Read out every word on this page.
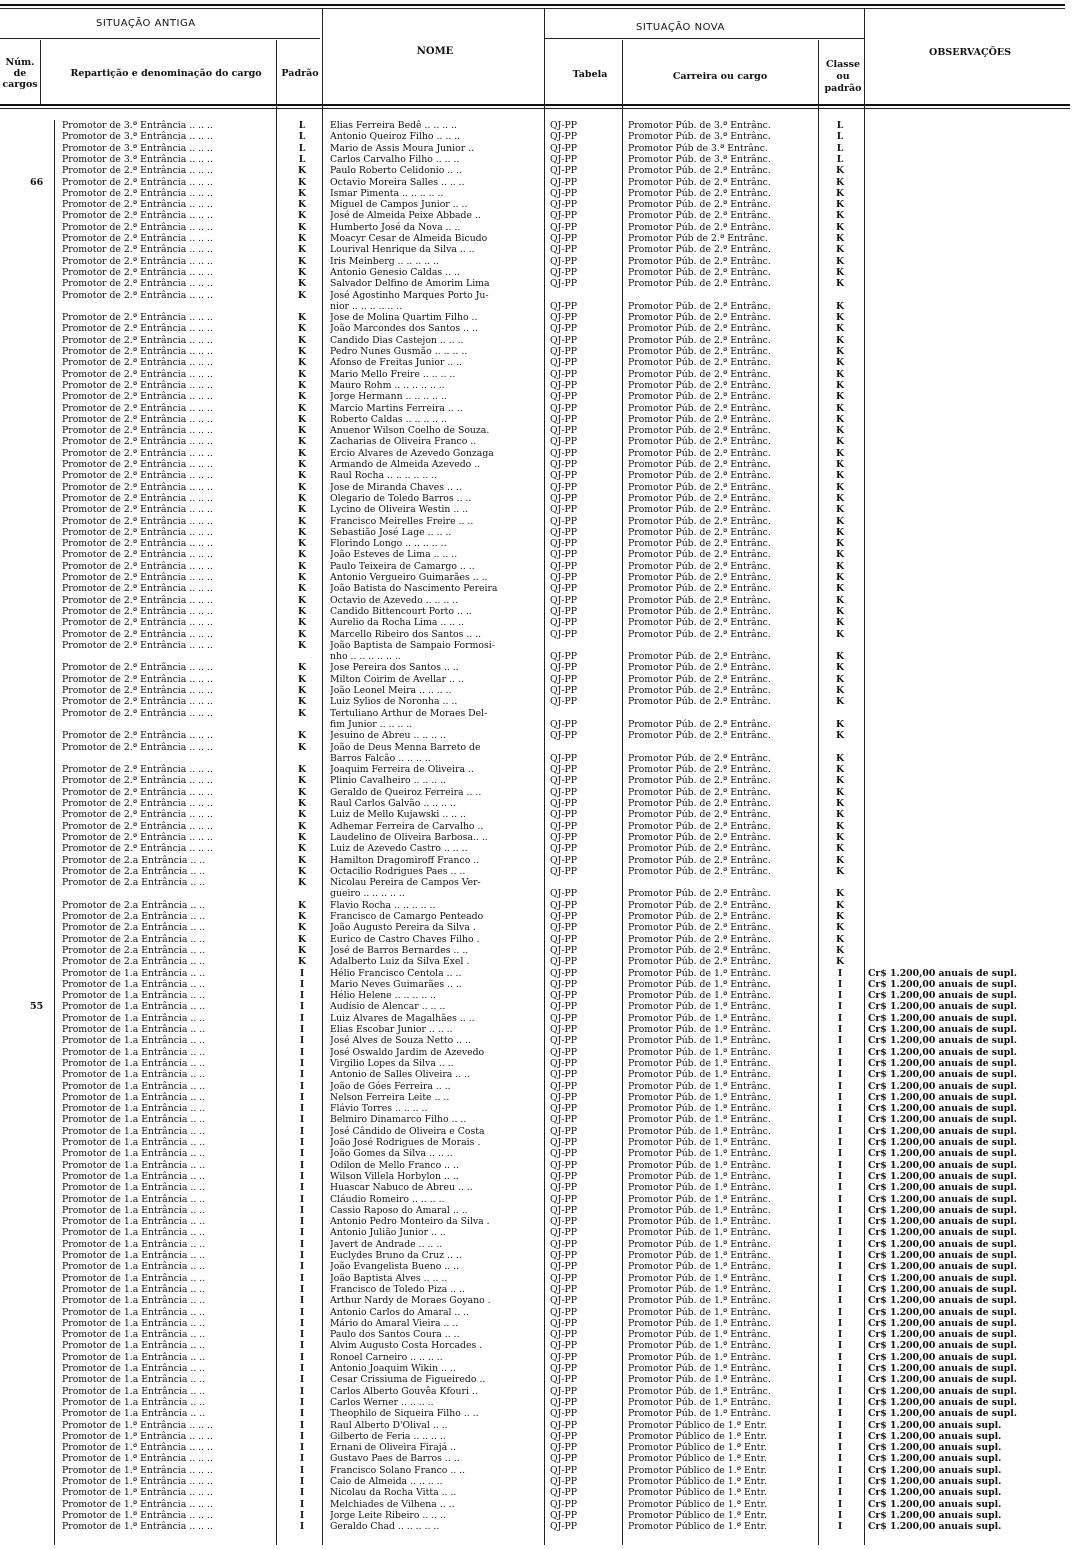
SITUAÇÃO ANTIGA	SITUAÇÃO NOVA
Núm.
de
cargos
Repartição e denominação do cargo	Padrão
NOME
Tabela	Carreira ou cargo
Classe
ou
padrão
OBSERVAÇÕES
66
55
Promotor de 3.ª Entrância .. .. ..	L	Elias Ferreira Bedê .. .. .. ..	QJ-PP	Promotor Púb. de 3.ª Entrânc.	L
Promotor de 3.ª Entrância .. .. ..	L	Antonio Queiroz Filho .. .. ..	QJ-PP	Promotor Púb. de 3.ª Entrânc.	L
Promotor de 3.ª Entrância .. .. ..	L	Mario de Assis Moura Junior ..	QJ-PP	Promotor Púb de 3.ª Entrânc.	L
Promotor de 3.ª Entrância .. .. ..	L	Carlos Carvalho Filho .. .. ..	QJ-PP	Promotor Púb. de 3.ª Entrânc.	L
Promotor de 2.ª Entrância .. .. ..	K	Paulo Roberto Celidonio .. ..	QJ-PP	Promotor Púb. de 2.ª Entrânc.	K
Promotor de 2.ª Entrância .. .. ..	K	Octavio Moreira Salles .. .. ..	QJ-PP	Promotor Púb. de 2.ª Entrânc.	K
Promotor de 2.ª Entrância .. .. ..	K	Ismar Pimenta .. .. .. .. ..	QJ-PP	Promotor Púb. de 2.ª Entrânc.	K
Promotor de 2.ª Entrância .. .. ..	K	Miguel de Campos Junior .. ..	QJ-PP	Promotor Púb. de 2.ª Entrânc.	K
Promotor de 2.ª Entrância .. .. ..	K	José de Almeida Peixe Abbade ..	QJ-PP	Promotor Púb. de 2.ª Entrânc.	K
Promotor de 2.ª Entrância .. .. ..	K	Humberto José da Nova .. ..	QJ-PP	Promotor Púb. de 2.ª Entrânc.	K
Promotor de 2.ª Entrância .. .. ..	K	Moacyr Cesar de Almeida Bicudo	QJ-PP	Promotor Púb de 2.ª Entrânc.	K
Promotor de 2.ª Entrância .. .. ..	K	Lourival Henrique da Silva .. ..	QJ-PP	Promotor Púb. de 2.ª Entrânc.	K
Promotor de 2.ª Entrância .. .. ..	K	Iris Meinberg .. .. .. .. ..	QJ-PP	Promotor Púb. de 2.ª Entrânc.	K
Promotor de 2.ª Entrância .. .. ..	K	Antonio Genesio Caldas .. ..	QJ-PP	Promotor Púb. de 2.ª Entrânc.	K
Promotor de 2.ª Entrância .. .. ..	K	Salvador Delfino de Amorim Lima	QJ-PP	Promotor Púb. de 2.ª Entrânc.	K
Promotor de 2.ª Entrância .. .. ..	K	José Agostinho Marques Porto Ju-
nior .. .. .. .. .. ..	QJ-PP	Promotor Púb. de 2.ª Entrânc.	K
Promotor de 2.ª Entrância .. .. ..	K	Jose de Molina Quartim Filho ..	QJ-PP	Promotor Púb. de 2.ª Entrânc.	K
Promotor de 2.ª Entrância .. .. ..	K	João Marcondes dos Santos .. ..	QJ-PP	Promotor Púb. de 2.ª Entrânc.	K
Promotor de 2.ª Entrância .. .. ..	K	Candido Dias Castejon .. .. ..	QJ-PP	Promotor Púb. de 2.ª Entrânc.	K
Promotor de 2.ª Entrância .. .. ..	K	Pedro Nunes Gusmão .. .. .. ..	QJ-PP	Promotor Púb. de 2.ª Entrânc.	K
Promotor de 2.ª Entrância .. .. ..	K	Afonso de Freitas Junior .. ..	QJ-PP	Promotor Púb. de 2.ª Entrânc.	K
Promotor de 2.ª Entrância .. .. ..	K	Mario Mello Freire .. .. .. ..	QJ-PP	Promotor Púb. de 2.ª Entrânc.	K
Promotor de 2.ª Entrância .. .. ..	K	Mauro Rohm .. .. .. .. .. ..	QJ-PP	Promotor Púb. de 2.ª Entrânc.	K
Promotor de 2.ª Entrância .. .. ..	K	Jorge Hermann .. .. .. .. ..	QJ-PP	Promotor Púb. de 2.ª Entrânc.	K
Promotor de 2.ª Entrância .. .. ..	K	Marcio Martins Ferreira .. ..	QJ-PP	Promotor Púb. de 2.ª Entrânc.	K
Promotor de 2.ª Entrância .. .. ..	K	Roberto Caldas .. .. .. .. ..	QJ-PP	Promotor Púb. de 2.ª Entrânc.	K
Promotor de 2.ª Entrância .. .. ..	K	Anuenor Wilson Coelho de Souza.	QJ-PP	Promotor Púb. de 2.ª Entrânc.	K
Promotor de 2.ª Entrância .. .. ..	K	Zacharias de Oliveira Franco ..	QJ-PP	Promotor Púb. de 2.ª Entrânc.	K
Promotor de 2.ª Entrância .. .. ..	K	Ercio Alvares de Azevedo Gonzaga	QJ-PP	Promotor Púb. de 2.ª Entrânc.	K
Promotor de 2.ª Entrância .. .. ..	K	Armando de Almeida Azevedo ..	QJ-PP	Promotor Púb. de 2.ª Entrânc.	K
Promotor de 2.ª Entrância .. .. ..	K	Raul Rocha .. .. .. .. .. ..	QJ-PP	Promotor Púb. de 2.ª Entrânc.	K
Promotor de 2.ª Entrância .. .. ..	K	Jose de Miranda Chaves .. ..	QJ-PP	Promotor Púb. de 2.ª Entrânc.	K
Promotor de 2.ª Entrância .. .. ..	K	Olegario de Toledo Barros .. ..	QJ-PP	Promotor Púb. de 2.ª Entrânc.	K
Promotor de 2.ª Entrância .. .. ..	K	Lycino de Oliveira Westin .. ..	QJ-PP	Promotor Púb. de 2.ª Entrânc.	K
Promotor de 2.ª Entrância .. .. ..	K	Francisco Meirelles Freire .. ..	QJ-PP	Promotor Púb. de 2.ª Entrânc.	K
Promotor de 2.ª Entrância .. .. ..	K	Sebastião José Lage .. .. ..	QJ-PP	Promotor Púb. de 2.ª Entrânc.	K
Promotor de 2.ª Entrância .. .. ..	K	Florindo Longo .. .. .. .. ..	QJ-PP	Promotor Púb. de 2.ª Entrânc.	K
Promotor de 2.ª Entrância .. .. ..	K	João Esteves de Lima .. .. ..	QJ-PP	Promotor Púb. de 2.ª Entrânc.	K
Promotor de 2.ª Entrância .. .. ..	K	Paulo Teixeira de Camargo .. ..	QJ-PP	Promotor Púb. de 2.ª Entrânc.	K
Promotor de 2.ª Entrância .. .. ..	K	Antonio Vergueiro Guimarães .. ..	QJ-PP	Promotor Púb. de 2.ª Entrânc.	K
Promotor de 2.ª Entrância .. .. ..	K	João Batista do Nascimento Pereira	QJ-PP	Promotor Púb. de 2.ª Entrânc.	K
Promotor de 2.ª Entrância .. .. ..	K	Octavio de Azevedo .. .. .. ..	QJ-PP	Promotor Púb. de 2.ª Entrânc.	K
Promotor de 2.ª Entrância .. .. ..	K	Candido Bittencourt Porto .. ..	QJ-PP	Promotor Púb. de 2.ª Entrânc.	K
Promotor de 2.ª Entrância .. .. ..	K	Aurelio da Rocha Lima .. .. ..	QJ-PP	Promotor Púb. de 2.ª Entrânc.	K
Promotor de 2.ª Entrância .. .. ..	K	Marcello Ribeiro dos Santos .. ..	QJ-PP	Promotor Púb. de 2.ª Entrânc.	K
Promotor de 2.ª Entrância .. .. ..	K	João Baptista de Sampaio Formosi-
nho .. .. .. .. .. ..	QJ-PP	Promotor Púb. de 2.ª Entrânc.	K
Promotor de 2.ª Entrância .. .. ..	K	Jose Pereira dos Santos .. ..	QJ-PP	Promotor Púb. de 2.ª Entrânc.	K
Promotor de 2.ª Entrância .. .. ..	K	Milton Coirim de Avellar .. ..	QJ-PP	Promotor Púb. de 2.ª Entrânc.	K
Promotor de 2.ª Entrância .. .. ..	K	João Leonel Meira .. .. .. ..	QJ-PP	Promotor Púb. de 2.ª Entrânc.	K
Promotor de 2.ª Entrância .. .. ..	K	Luiz Sylios de Noronha .. ..	QJ-PP	Promotor Púb. de 2.ª Entrânc.	K
Promotor de 2.ª Entrância .. .. ..	K	Tertuliano Arthur de Moraes Del-
fim Junior .. .. .. ..	QJ-PP	Promotor Púb. de 2.ª Entrânc.	K
Promotor de 2.ª Entrância .. .. ..	K	Jesuino de Abreu .. .. .. ..	QJ-PP	Promotor Púb. de 2.ª Entrânc.	K
Promotor de 2.ª Entrância .. .. ..	K	João de Deus Menna Barreto de
Barros Falcão .. .. .. ..	QJ-PP	Promotor Púb. de 2.ª Entrânc.	K
Promotor de 2.ª Entrância .. .. ..	K	Joaquim Ferreira de Oliveira ..	QJ-PP	Promotor Púb. de 2.ª Entrânc.	K
Promotor de 2.ª Entrância .. .. ..	K	Plinio Cavalheiro .. .. .. ..	QJ-PP	Promotor Púb. de 2.ª Entrânc.	K
Promotor de 2.ª Entrância .. .. ..	K	Geraldo de Queiroz Ferreira .. ..	QJ-PP	Promotor Púb. de 2.ª Entrânc.	K
Promotor de 2.ª Entrância .. .. ..	K	Raul Carlos Galvão .. .. .. ..	QJ-PP	Promotor Púb. de 2.ª Entrânc.	K
Promotor de 2.ª Entrância .. .. ..	K	Luiz de Mello Kujawski .. .. ..	QJ-PP	Promotor Púb. de 2.ª Entrânc.	K
Promotor de 2.ª Entrância .. .. ..	K	Adhemar Ferreira de Carvalho ..	QJ-PP	Promotor Púb. de 2.ª Entrânc.	K
Promotor de 2.ª Entrância .. .. ..	K	Laudelino de Oliveira Barbosa.. ..	QJ-PP	Promotor Púb. de 2.ª Entrânc.	K
Promotor de 2.ª Entrância .. .. ..	K	Luiz de Azevedo Castro .. .. ..	QJ-PP	Promotor Púb. de 2.ª Entrânc.	K
Promotor de 2.a Entrância .. ..	K	Hamilton Dragomiroff Franco ..	QJ-PP	Promotor Púb. de 2.ª Entrânc.	K
Promotor de 2.a Entrância .. ..	K	Octacilio Rodrigues Paes .. ..	QJ-PP	Promotor Púb. de 2.ª Entrânc.	K
Promotor de 2.a Entrância .. ..	K	Nicolau Pereira de Campos Ver-
gueiro .. .. .. .. ..	QJ-PP	Promotor Púb. de 2.ª Entrânc.	K
Promotor de 2.a Entrância .. ..	K	Flavio Rocha .. .. .. .. ..	QJ-PP	Promotor Púb. de 2.ª Entrânc.	K
Promotor de 2.a Entrância .. ..	K	Francisco de Camargo Penteado	QJ-PP	Promotor Púb. de 2.ª Entrânc.	K
Promotor de 2.a Entrância .. ..	K	João Augusto Pereira da Silva .	QJ-PP	Promotor Púb. de 2.ª Entrânc.	K
Promotor de 2.a Entrância .. ..	K	Eurico de Castro Chaves Filho .	QJ-PP	Promotor Púb. de 2.ª Entrânc.	K
Promotor de 2.a Entrância .. ..	K	José de Barros Bernardes .. ..	QJ-PP	Promotor Púb. de 2.ª Entrânc.	K
Promotor de 2.a Entrância .. ..	K	Adalberto Luiz da Silva Exel .	QJ-PP	Promotor Púb. de 2.ª Entrânc.	K
Promotor de 1.a Entrância .. ..	I	Hélio Francisco Centola .. ..	QJ-PP	Promotor Púb. de 1.ª Entrânc.	I	Cr$ 1.200,00 anuais de supl.
Promotor de 1.a Entrância .. ..	I	Mario Neves Guimarães .. ..	QJ-PP	Promotor Púb. de 1.ª Entrânc.	I	Cr$ 1.200,00 anuais de supl.
Promotor de 1.a Entrância .. ..	I	Hélio Helene .. .. .. .. ..	QJ-PP	Promotor Púb. de 1.ª Entrânc.	I	Cr$ 1.200,00 anuais de supl.
Promotor de 1.a Entrância .. ..	I	Audísio de Alencar .. .. ..	QJ-PP	Promotor Púb. de 1.ª Entrânc.	I	Cr$ 1.200,00 anuais de supl.
Promotor de 1.a Entrância .. ..	I	Luiz Alvares de Magalhães .. ..	QJ-PP	Promotor Púb. de 1.ª Entrânc.	I	Cr$ 1.200,00 anuais de supl.
Promotor de 1.a Entrância .. ..	I	Elias Escobar Junior .. .. ..	QJ-PP	Promotor Púb. de 1.ª Entrânc.	I	Cr$ 1.200,00 anuais de supl.
Promotor de 1.a Entrância .. ..	I	José Alves de Souza Netto .. ..	QJ-PP	Promotor Púb. de 1.ª Entrânc.	I	Cr$ 1.200,00 anuais de supl.
Promotor de 1.a Entrância .. ..	I	José Oswaldo Jardim de Azevedo	QJ-PP	Promotor Púb. de 1.ª Entrânc.	I	Cr$ 1.200,00 anuais de supl.
Promotor de 1.a Entrância .. ..	I	Virgilio Lopes da Silva .. ..	QJ-PP	Promotor Púb. de 1.ª Entrânc.	I	Cr$ 1.200,00 anuais de supl.
Promotor de 1.a Entrância .. ..	I	Antonio de Salles Oliveira .. ..	QJ-PP	Promotor Púb. de 1.ª Entrânc.	I	Cr$ 1.200,00 anuais de supl.
Promotor de 1.a Entrância .. ..	I	João de Góes Ferreira .. ..	QJ-PP	Promotor Púb. de 1.ª Entrânc.	I	Cr$ 1.200,00 anuais de supl.
Promotor de 1.a Entrância .. ..	I	Nelson Ferreira Leite .. ..	QJ-PP	Promotor Púb. de 1.ª Entrânc.	I	Cr$ 1.200,00 anuais de supl.
Promotor de 1.a Entrância .. ..	I	Flávio Torres .. .. .. ..	QJ-PP	Promotor Púb. de 1.ª Entrânc.	I	Cr$ 1.200,00 anuais de supl.
Promotor de 1.a Entrância .. ..	I	Belmiro Dinamarco Filho .. ..	QJ-PP	Promotor Púb. de 1.ª Entrânc.	I	Cr$ 1.200,00 anuais de supl.
Promotor de 1.a Entrância .. ..	I	José Cândido de Oliveira e Costa	QJ-PP	Promotor Púb. de 1.ª Entrânc.	I	Cr$ 1.200,00 anuais de supl.
Promotor de 1.a Entrância .. ..	I	João José Rodrigues de Morais .	QJ-PP	Promotor Púb. de 1.ª Entrânc.	I	Cr$ 1.200,00 anuais de supl.
Promotor de 1.a Entrância .. ..	I	João Gomes da Silva .. .. ..	QJ-PP	Promotor Púb. de 1.ª Entrânc.	I	Cr$ 1.200,00 anuais de supl.
Promotor de 1.a Entrância .. ..	I	Odilon de Mello Franco .. ..	QJ-PP	Promotor Púb. de 1.ª Entrânc.	I	Cr$ 1.200,00 anuais de supl.
Promotor de 1.a Entrância .. ..	I	Wilson Villela Horbylon .. ..	QJ-PP	Promotor Púb. de 1.ª Entrânc.	I	Cr$ 1.200,00 anuais de supl.
Promotor de 1.a Entrância .. ..	I	Huascar Nabuco de Abreu .. ..	QJ-PP	Promotor Púb. de 1.ª Entrânc.	I	Cr$ 1.200,00 anuais de supl.
Promotor de 1.a Entrância .. ..	I	Cláudio Romeiro .. .. .. ..	QJ-PP	Promotor Púb. de 1.ª Entrânc.	I	Cr$ 1.200,00 anuais de supl.
Promotor de 1.a Entrância .. ..	I	Cassio Raposo do Amaral .. ..	QJ-PP	Promotor Púb. de 1.ª Entrânc.	I	Cr$ 1.200,00 anuais de supl.
Promotor de 1.a Entrância .. ..	I	Antonio Pedro Monteiro da Silva .	QJ-PP	Promotor Púb. de 1.ª Entrânc.	I	Cr$ 1.200,00 anuais de supl.
Promotor de 1.a Entrância .. ..	I	Antonio Julião Junior .. ..	QJ-PP	Promotor Púb. de 1.ª Entrânc.	I	Cr$ 1.200,00 anuais de supl.
Promotor de 1.a Entrância .. ..	I	Javert de Andrade .. .. ..	QJ-PP	Promotor Púb. de 1.ª Entrânc.	I	Cr$ 1.200,00 anuais de supl.
Promotor de 1.a Entrância .. ..	I	Euclydes Bruno da Cruz .. ..	QJ-PP	Promotor Púb. de 1.ª Entrânc.	I	Cr$ 1.200,00 anuais de supl.
Promotor de 1.a Entrância .. ..	I	João Evangelista Bueno .. ..	QJ-PP	Promotor Púb. de 1.ª Entrânc.	I	Cr$ 1.200,00 anuais de supl.
Promotor de 1.a Entrância .. ..	I	João Baptista Alves .. .. ..	QJ-PP	Promotor Púb. de 1.ª Entrânc.	I	Cr$ 1.200,00 anuais de supl.
Promotor de 1.a Entrância .. ..	I	Francisco de Toledo Piza .. ..	QJ-PP	Promotor Púb. de 1.ª Entrânc.	I	Cr$ 1.200,00 anuais de supl.
Promotor de 1.a Entrância .. ..	I	Arthur Nardy de Moraes Goyano .	QJ-PP	Promotor Púb. de 1.ª Entrânc.	I	Cr$ 1.200,00 anuais de supl.
Promotor de 1.a Entrância .. ..	I	Antonio Carlos do Amaral .. ..	QJ-PP	Promotor Púb. de 1.ª Entrânc.	I	Cr$ 1.200,00 anuais de supl.
Promotor de 1.a Entrância .. ..	I	Mário do Amaral Vieira .. ..	QJ-PP	Promotor Púb. de 1.ª Entrânc.	I	Cr$ 1.200,00 anuais de supl.
Promotor de 1.a Entrância .. ..	I	Paulo dos Santos Coura .. ..	QJ-PP	Promotor Púb. de 1.ª Entrânc.	I	Cr$ 1.200,00 anuais de supl.
Promotor de 1.a Entrância .. ..	I	Alvim Augusto Costa Horcades .	QJ-PP	Promotor Púb. de 1.ª Entrânc.	I	Cr$ 1.200,00 anuais de supl.
Promotor de 1.a Entrância .. ..	I	Ronoel Carneiro .. .. .. ..	QJ-PP	Promotor Púb. de 1.ª Entrânc.	I	Cr$ 1.200,00 anuais de supl.
Promotor de 1.a Entrância .. ..	I	Antonio Joaquim Wikin .. ..	QJ-PP	Promotor Púb. de 1.ª Entrânc.	I	Cr$ 1.200,00 anuais de supl.
Promotor de 1.a Entrância .. ..	I	Cesar Crissiuma de Figueiredo ..	QJ-PP	Promotor Púb. de 1.ª Entrânc.	I	Cr$ 1.200,00 anuais de supl.
Promotor de 1.a Entrância .. ..	I	Carlos Alberto Gouvêa Kfouri ..	QJ-PP	Promotor Púb. de 1.ª Entrânc.	I	Cr$ 1.200,00 anuais de supl.
Promotor de 1.a Entrância .. ..	I	Carlos Werner .. .. .. ..	QJ-PP	Promotor Púb. de 1.ª Entrânc.	I	Cr$ 1.200,00 anuais de supl.
Promotor de 1.a Entrância .. ..	I	Theophilo de Siqueira Filho .. ..	QJ-PP	Promotor Púb. de 1.ª Entrânc.	I	Cr$ 1.200,00 anuais de supl.
Promotor de 1.ª Entrância .. .. ..	I	Raul Alberto D'Olival .. ..	QJ-PP	Promotor Público de 1.ª Entr.	I	Cr$ 1.200,00 anuais supl.
Promotor de 1.ª Entrância .. .. ..	I	Gilberto de Feria .. .. .. ..	QJ-PP	Promotor Público de 1.ª Entr.	I	Cr$ 1.200,00 anuais supl.
Promotor de 1.ª Entrância .. .. ..	I	Ernani de Oliveira Firajá ..	QJ-PP	Promotor Público de 1.ª Entr.	I	Cr$ 1.200,00 anuais supl.
Promotor de 1.ª Entrância .. .. ..	I	Gustavo Paes de Barros .. ..	QJ-PP	Promotor Público de 1.ª Entr.	I	Cr$ 1.200,00 anuais supl.
Promotor de 1.ª Entrância .. .. ..	I	Francisco Solano Franco .. ..	QJ-PP	Promotor Público de 1.ª Entr.	I	Cr$ 1.200,00 anuais supl.
Promotor de 1.ª Entrância .. .. ..	I	Caio de Almeida .. .. .. ..	QJ-PP	Promotor Público de 1.ª Entr.	I	Cr$ 1.200,00 anuais supl.
Promotor de 1.ª Entrância .. .. ..	I	Nicolau da Rocha Vitta .. ..	QJ-PP	Promotor Público de 1.ª Entr.	I	Cr$ 1.200,00 anuais supl.
Promotor de 1.ª Entrância .. .. ..	I	Melchiades de Vilhena .. ..	QJ-PP	Promotor Público de 1.ª Entr.	I	Cr$ 1.200,00 anuais supl.
Promotor de 1.ª Entrância .. .. ..	I	Jorge Leite Ribeiro .. .. ..	QJ-PP	Promotor Público de 1.ª Entr.	I	Cr$ 1.200,00 anuais supl.
Promotor de 1.ª Entrância .. .. ..	I	Geraldo Chad .. .. .. .. ..	QJ-PP	Promotor Público de 1.ª Entr.	I	Cr$ 1.200,00 anuais supl.
